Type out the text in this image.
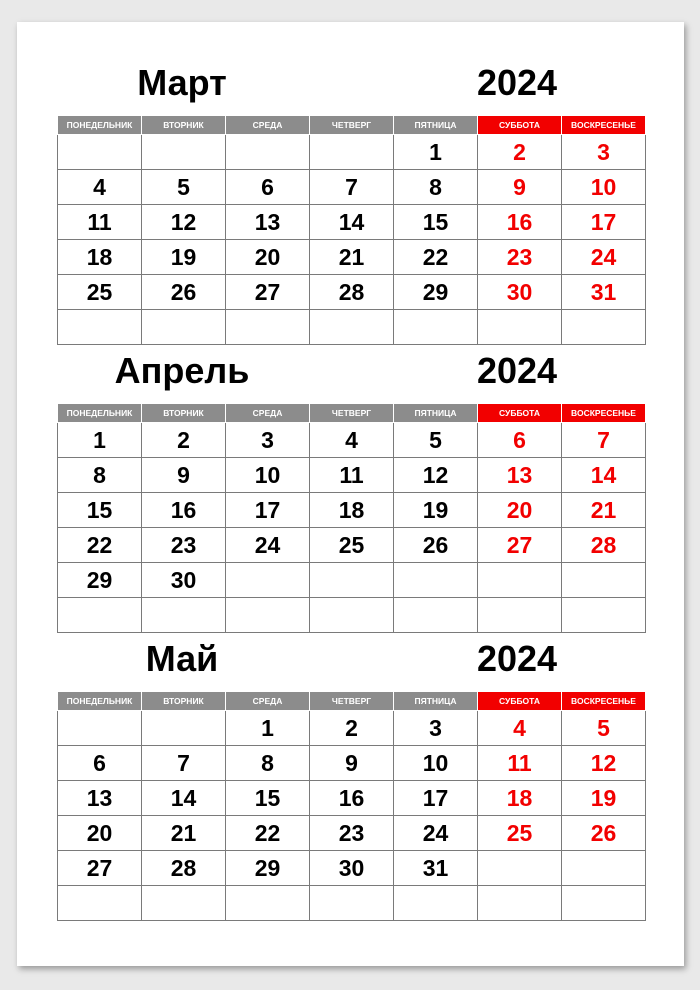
Март	2024
ПОНЕДЕЛЬНИК	ВТОРНИК	СРЕДА	ЧЕТВЕРГ	ПЯТНИЦА	СУББОТА	ВОСКРЕСЕНЬЕ
				1	2	3
4	5	6	7	8	9	10
11	12	13	14	15	16	17
18	19	20	21	22	23	24
25	26	27	28	29	30	31

Апрель	2024
ПОНЕДЕЛЬНИК	ВТОРНИК	СРЕДА	ЧЕТВЕРГ	ПЯТНИЦА	СУББОТА	ВОСКРЕСЕНЬЕ
1	2	3	4	5	6	7
8	9	10	11	12	13	14
15	16	17	18	19	20	21
22	23	24	25	26	27	28
29	30					

Май	2024
ПОНЕДЕЛЬНИК	ВТОРНИК	СРЕДА	ЧЕТВЕРГ	ПЯТНИЦА	СУББОТА	ВОСКРЕСЕНЬЕ
		1	2	3	4	5
6	7	8	9	10	11	12
13	14	15	16	17	18	19
20	21	22	23	24	25	26
27	28	29	30	31		
